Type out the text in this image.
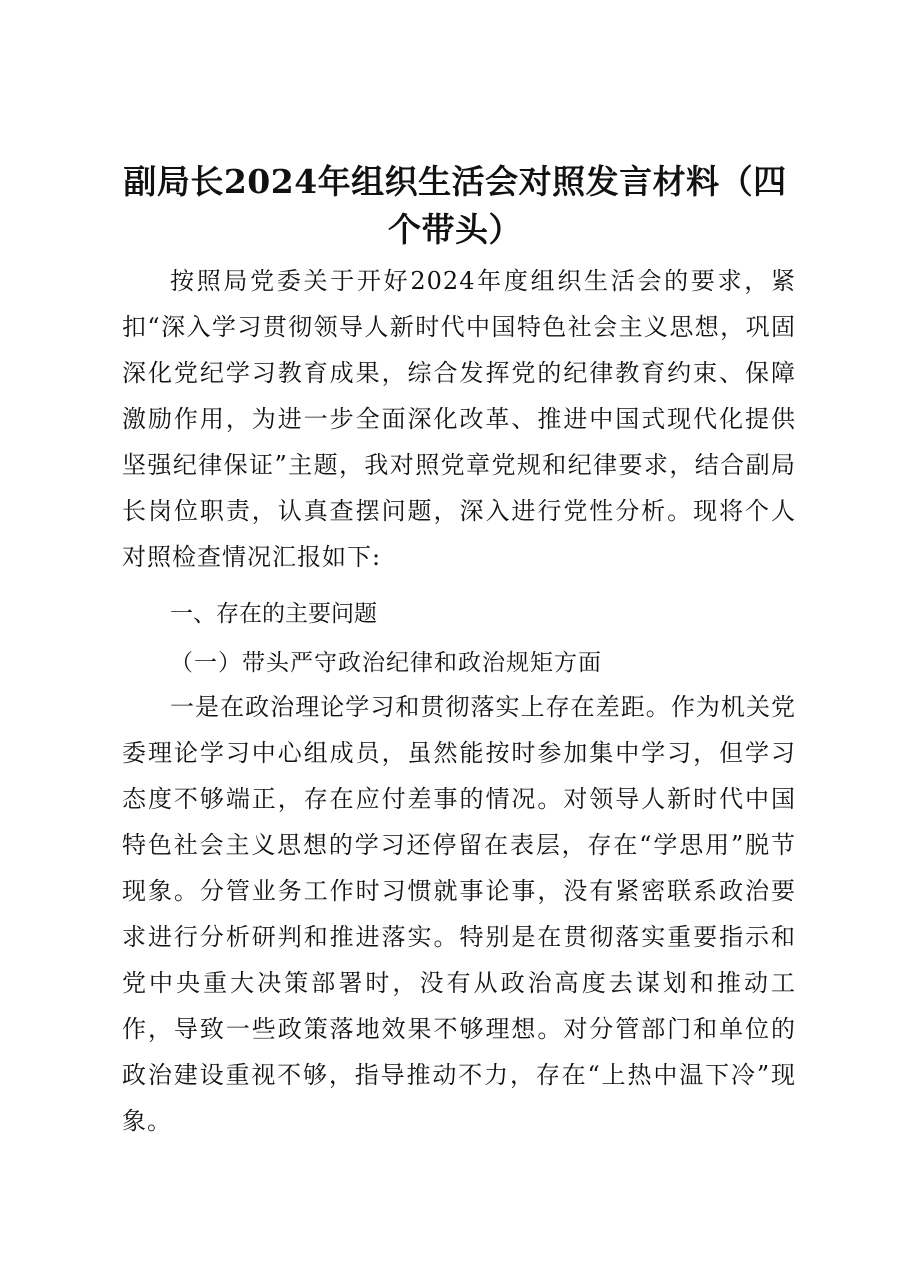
副局长2024年组织生活会对照发言材料（四个带头）

按照局党委关于开好2024年度组织生活会的要求，紧扣“深入学习贯彻领导人新时代中国特色社会主义思想，巩固深化党纪学习教育成果，综合发挥党的纪律教育约束、保障激励作用，为进一步全面深化改革、推进中国式现代化提供坚强纪律保证”主题，我对照党章党规和纪律要求，结合副局长岗位职责，认真查摆问题，深入进行党性分析。现将个人对照检查情况汇报如下:

一、存在的主要问题
（一）带头严守政治纪律和政治规矩方面

一是在政治理论学习和贯彻落实上存在差距。作为机关党委理论学习中心组成员，虽然能按时参加集中学习，但学习态度不够端正，存在应付差事的情况。对领导人新时代中国特色社会主义思想的学习还停留在表层，存在“学思用”脱节现象。分管业务工作时习惯就事论事，没有紧密联系政治要求进行分析研判和推进落实。特别是在贯彻落实重要指示和党中央重大决策部署时，没有从政治高度去谋划和推动工作，导致一些政策落地效果不够理想。对分管部门和单位的政治建设重视不够，指导推动不力，存在“上热中温下冷”现象。
